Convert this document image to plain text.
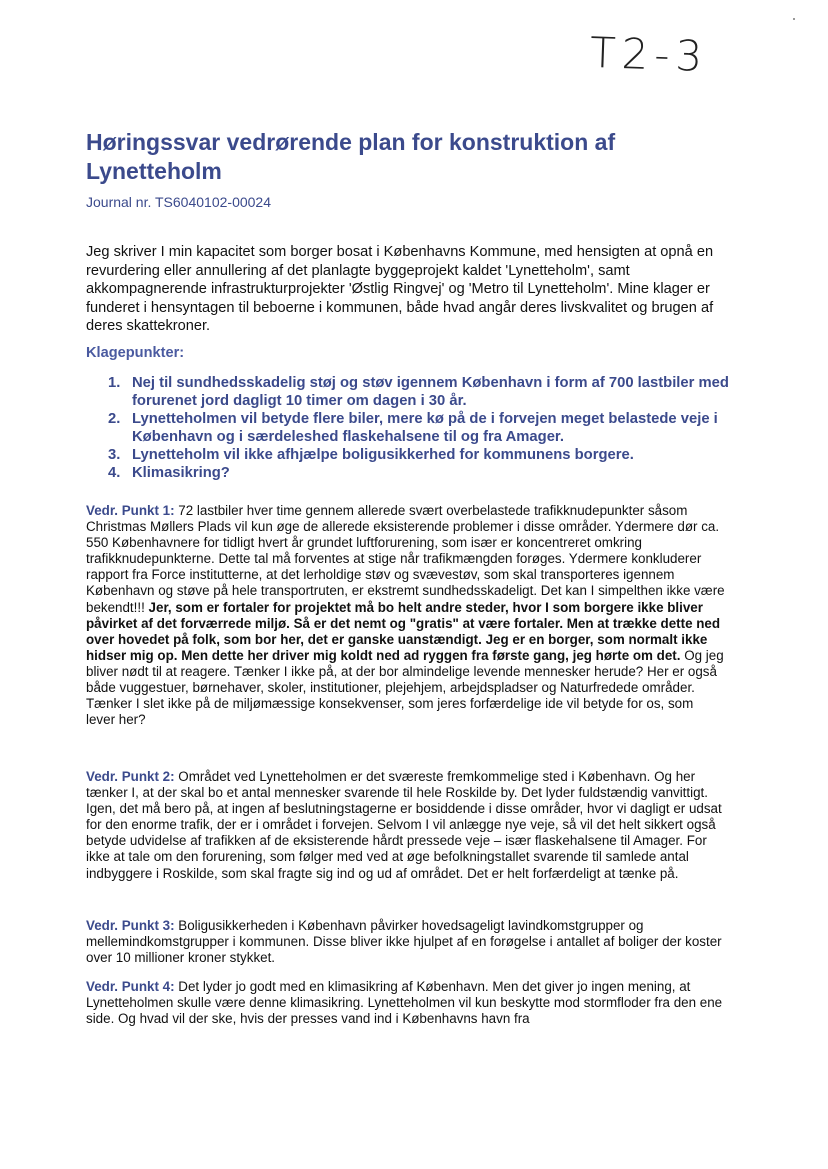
T2-3
Høringssvar vedrørende plan for konstruktion af Lynetteholm
Journal nr. TS6040102-00024

Jeg skriver I min kapacitet som borger bosat i Københavns Kommune, med hensigten at opnå en revurdering eller annullering af det planlagte byggeprojekt kaldet 'Lynetteholm', samt akkompagnerende infrastrukturprojekter 'Østlig Ringvej' og 'Metro til Lynetteholm'. Mine klager er funderet i hensyntagen til beboerne i kommunen, både hvad angår deres livskvalitet og brugen af deres skattekroner.

Klagepunkter:
1. Nej til sundhedsskadelig støj og støv igennem København i form af 700 lastbiler med forurenet jord dagligt 10 timer om dagen i 30 år.
2. Lynetteholmen vil betyde flere biler, mere kø på de i forvejen meget belastede veje i København og i særdeleshed flaskehalsene til og fra Amager.
3. Lynetteholm vil ikke afhjælpe boligusikkerhed for kommunens borgere.
4. Klimasikring?

Vedr. Punkt 1: 72 lastbiler hver time gennem allerede svært overbelastede trafikknudepunkter såsom Christmas Møllers Plads vil kun øge de allerede eksisterende problemer i disse områder. Ydermere dør ca. 550 Københavnere for tidligt hvert år grundet luftforurening, som især er koncentreret omkring trafikknudepunkterne. Dette tal må forventes at stige når trafikmængden forøges. Ydermere konkluderer rapport fra Force institutterne, at det lerholdige støv og svævestøv, som skal transporteres igennem København og støve på hele transportruten, er ekstremt sundhedsskadeligt. Det kan I simpelthen ikke være bekendt!!! Jer, som er fortaler for projektet må bo helt andre steder, hvor I som borgere ikke bliver påvirket af det forværrede miljø. Så er det nemt og "gratis" at være fortaler. Men at trække dette ned over hovedet på folk, som bor her, det er ganske uanstændigt. Jeg er en borger, som normalt ikke hidser mig op. Men dette her driver mig koldt ned ad ryggen fra første gang, jeg hørte om det. Og jeg bliver nødt til at reagere. Tænker I ikke på, at der bor almindelige levende mennesker herude? Her er også både vuggestuer, børnehaver, skoler, institutioner, plejehjem, arbejdspladser og Naturfredede områder. Tænker I slet ikke på de miljømæssige konsekvenser, som jeres forfærdelige ide vil betyde for os, som lever her?

Vedr. Punkt 2: Området ved Lynetteholmen er det sværeste fremkommelige sted i København. Og her tænker I, at der skal bo et antal mennesker svarende til hele Roskilde by. Det lyder fuldstændig vanvittigt. Igen, det må bero på, at ingen af beslutningstagerne er bosiddende i disse områder, hvor vi dagligt er udsat for den enorme trafik, der er i området i forvejen. Selvom I vil anlægge nye veje, så vil det helt sikkert også betyde udvidelse af trafikken af de eksisterende hårdt pressede veje – især flaskehalsene til Amager. For ikke at tale om den forurening, som følger med ved at øge befolkningstallet svarende til samlede antal indbyggere i Roskilde, som skal fragte sig ind og ud af området. Det er helt forfærdeligt at tænke på.

Vedr. Punkt 3: Boligusikkerheden i København påvirker hovedsageligt lavindkomstgrupper og mellemindkomstgrupper i kommunen. Disse bliver ikke hjulpet af en forøgelse i antallet af boliger der koster over 10 millioner kroner stykket.

Vedr. Punkt 4: Det lyder jo godt med en klimasikring af København. Men det giver jo ingen mening, at Lynetteholmen skulle være denne klimasikring. Lynetteholmen vil kun beskytte mod stormfloder fra den ene side. Og hvad vil der ske, hvis der presses vand ind i Københavns havn fra
